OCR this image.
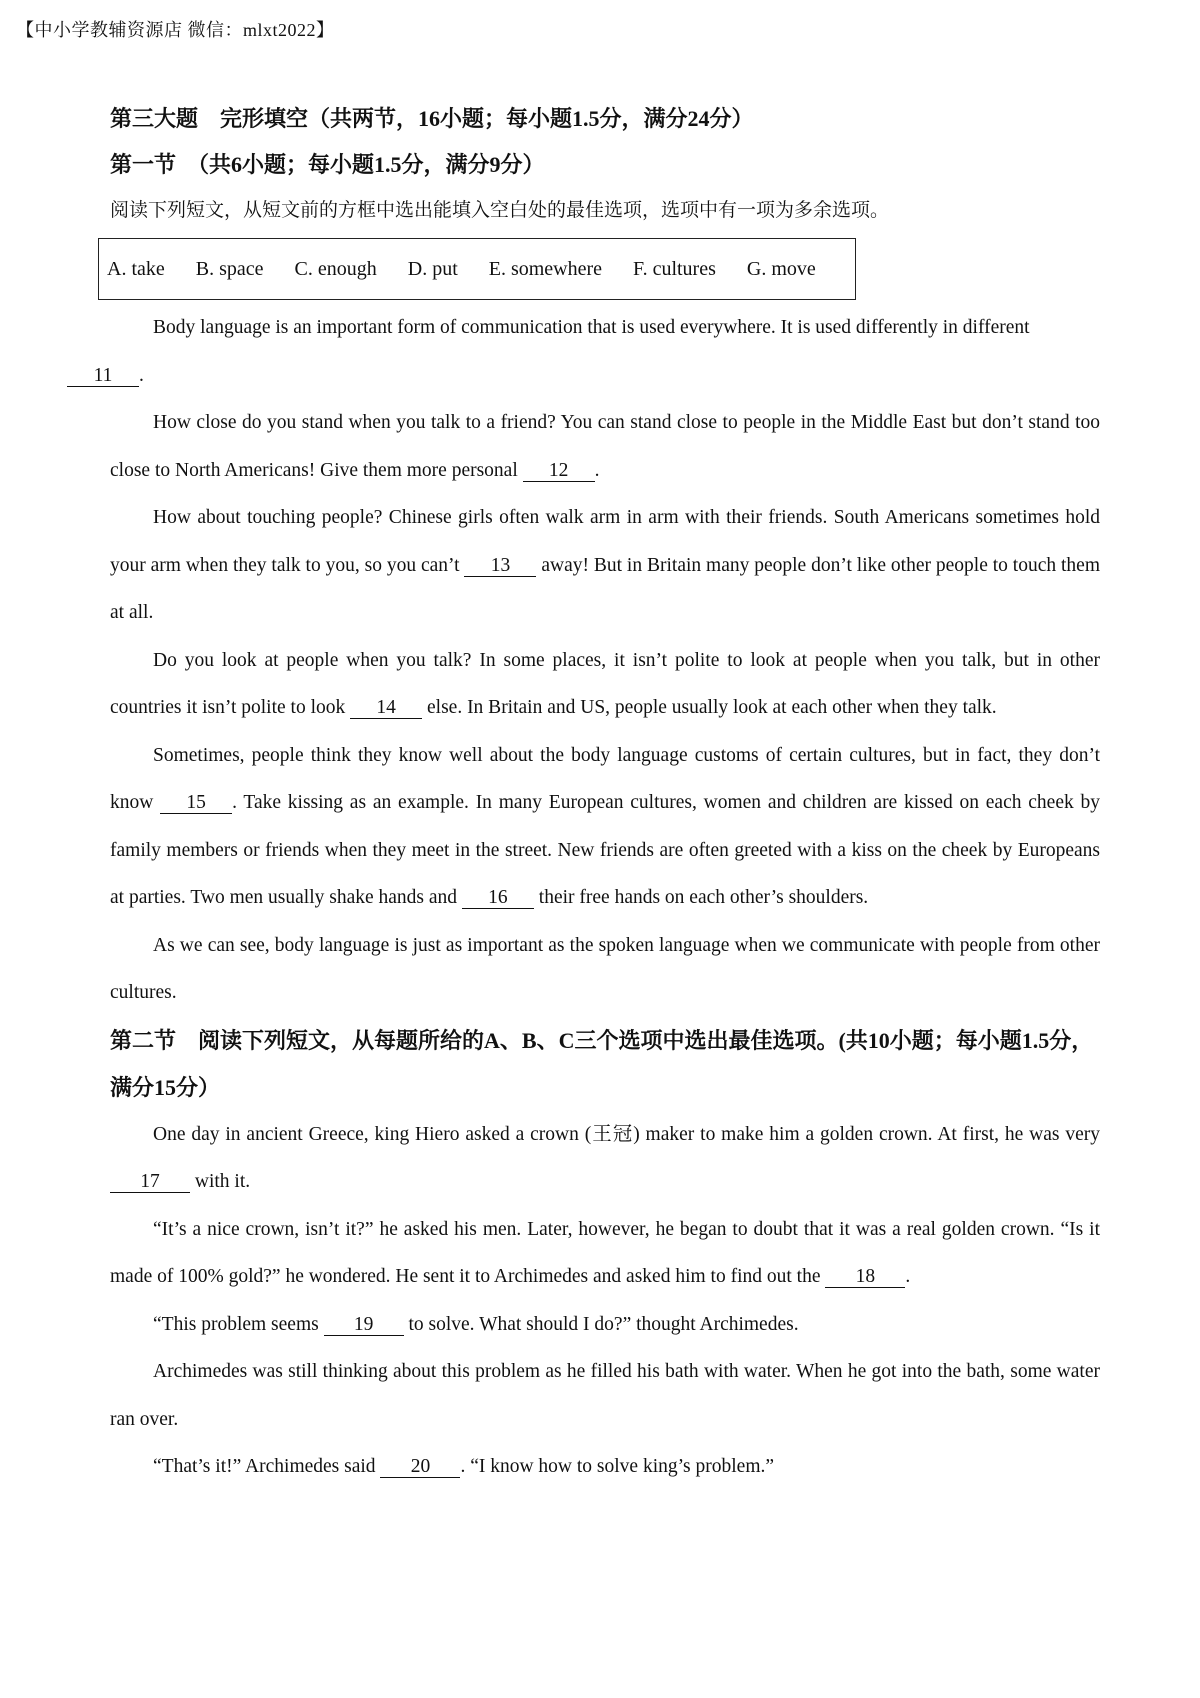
【中小学教辅资源店 微信：mlxt2022】
第三大题　完形填空（共两节，16小题；每小题1.5分，满分24分）
第一节　（共6小题；每小题1.5分，满分9分）
阅读下列短文，从短文前的方框中选出能填入空白处的最佳选项，选项中有一项为多余选项。
A. take B. space C. enough D. put E. somewhere F. cultures G. move

Body language is an important form of communication that is used everywhere. It is used differently in different
11 .

How close do you stand when you talk to a friend? You can stand close to people in the Middle East but don’t stand too close to North Americans! Give them more personal 12 .

How about touching people? Chinese girls often walk arm in arm with their friends. South Americans sometimes hold your arm when they talk to you, so you can’t 13 away! But in Britain many people don’t like other people to touch them at all.

Do you look at people when you talk? In some places, it isn’t polite to look at people when you talk, but in other countries it isn’t polite to look 14 else. In Britain and US, people usually look at each other when they talk.

Sometimes, people think they know well about the body language customs of certain cultures, but in fact, they don’t know 15 . Take kissing as an example. In many European cultures, women and children are kissed on each cheek by family members or friends when they meet in the street. New friends are often greeted with a kiss on the cheek by Europeans at parties. Two men usually shake hands and 16 their free hands on each other’s shoulders.

As we can see, body language is just as important as the spoken language when we communicate with people from other cultures.

第二节　阅读下列短文，从每题所给的A、B、C三个选项中选出最佳选项。(共10小题；每小题1.5分，满分15分）

One day in ancient Greece, king Hiero asked a crown (王冠) maker to make him a golden crown. At first, he was very 17 with it.

“It’s a nice crown, isn’t it?” he asked his men. Later, however, he began to doubt that it was a real golden crown. “Is it made of 100% gold?” he wondered. He sent it to Archimedes and asked him to find out the 18 .

“This problem seems 19 to solve. What should I do?” thought Archimedes.

Archimedes was still thinking about this problem as he filled his bath with water. When he got into the bath, some water ran over.

“That’s it!” Archimedes said 20 . “I know how to solve king’s problem.”
